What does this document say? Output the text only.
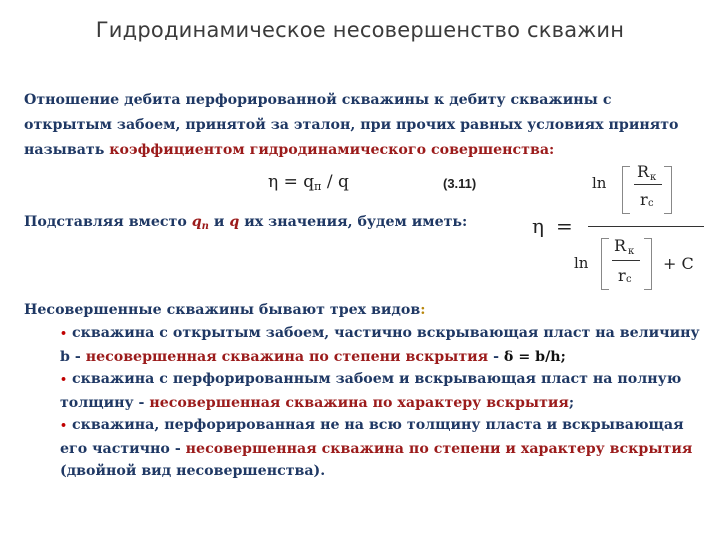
Гидродинамическое несовершенство скважин
Отношение дебита перфорированной скважины к дебиту скважины с открытым забоем, принятой за эталон, при прочих равных условиях принято называть коэффициентом гидродинамического совершенства:
$\eta = q_п / q$	(3.11)
Подставляя вместо $q_п$ и q их значения, будем иметь:	η =
ln
R к
r с
ln
R к
r с
+ C
Несовершенные скважины бывают трех видов:
• скважина с открытым забоем, частично вскрывающая пласт на величину
b - несовершенная скважина по степени вскрытия - δ = b/h;
• скважина с перфорированным забоем и вскрывающая пласт на полную толщину - несовершенная скважина по характеру вскрытия;
• скважина, перфорированная не на всю толщину пласта и вскрывающая его частично - несовершенная скважина по степени и характеру вскрытия (двойной вид несовершенства).
